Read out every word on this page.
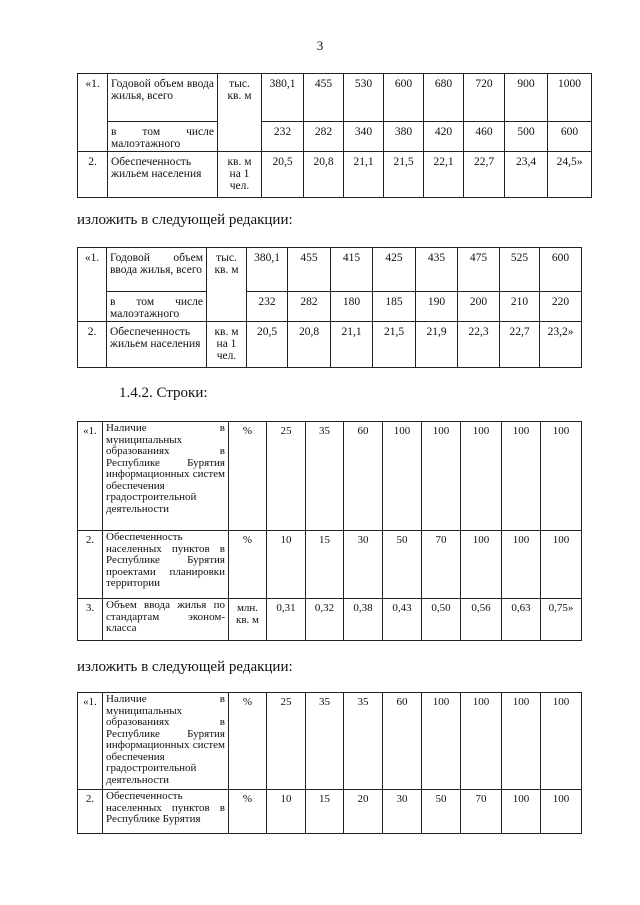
3
«1.	Годовой объем ввода жилья, всего	тыс. кв. м	380,1	455	530	600	680	720	900	1000
	в том числе малоэтажного		232	282	340	380	420	460	500	600
2.	Обеспеченность жильем населения	кв. м на 1 чел.	20,5	20,8	21,1	21,5	22,1	22,7	23,4	24,5»
изложить в следующей редакции:
«1.	Годовой объем ввода жилья, всего	тыс. кв. м	380,1	455	415	425	435	475	525	600
	в том числе малоэтажного		232	282	180	185	190	200	210	220
2.	Обеспеченность жильем населения	кв. м на 1 чел.	20,5	20,8	21,1	21,5	21,9	22,3	22,7	23,2»
1.4.2. Строки:
«1.	Наличие в муниципальных образованиях в Республике Бурятия информационных систем обеспечения градостроительной деятельности	%	25	35	60	100	100	100	100	100
2.	Обеспеченность населенных пунктов в Республике Бурятия проектами планировки территории	%	10	15	30	50	70	100	100	100
3.	Объем ввода жилья по стандартам эконом-класса	млн. кв. м	0,31	0,32	0,38	0,43	0,50	0,56	0,63	0,75»
изложить в следующей редакции:
«1.	Наличие в муниципальных образованиях в Республике Бурятия информационных систем обеспечения градостроительной деятельности	%	25	35	35	60	100	100	100	100
2.	Обеспеченность населенных пунктов в Республике Бурятия	%	10	15	20	30	50	70	100	100
